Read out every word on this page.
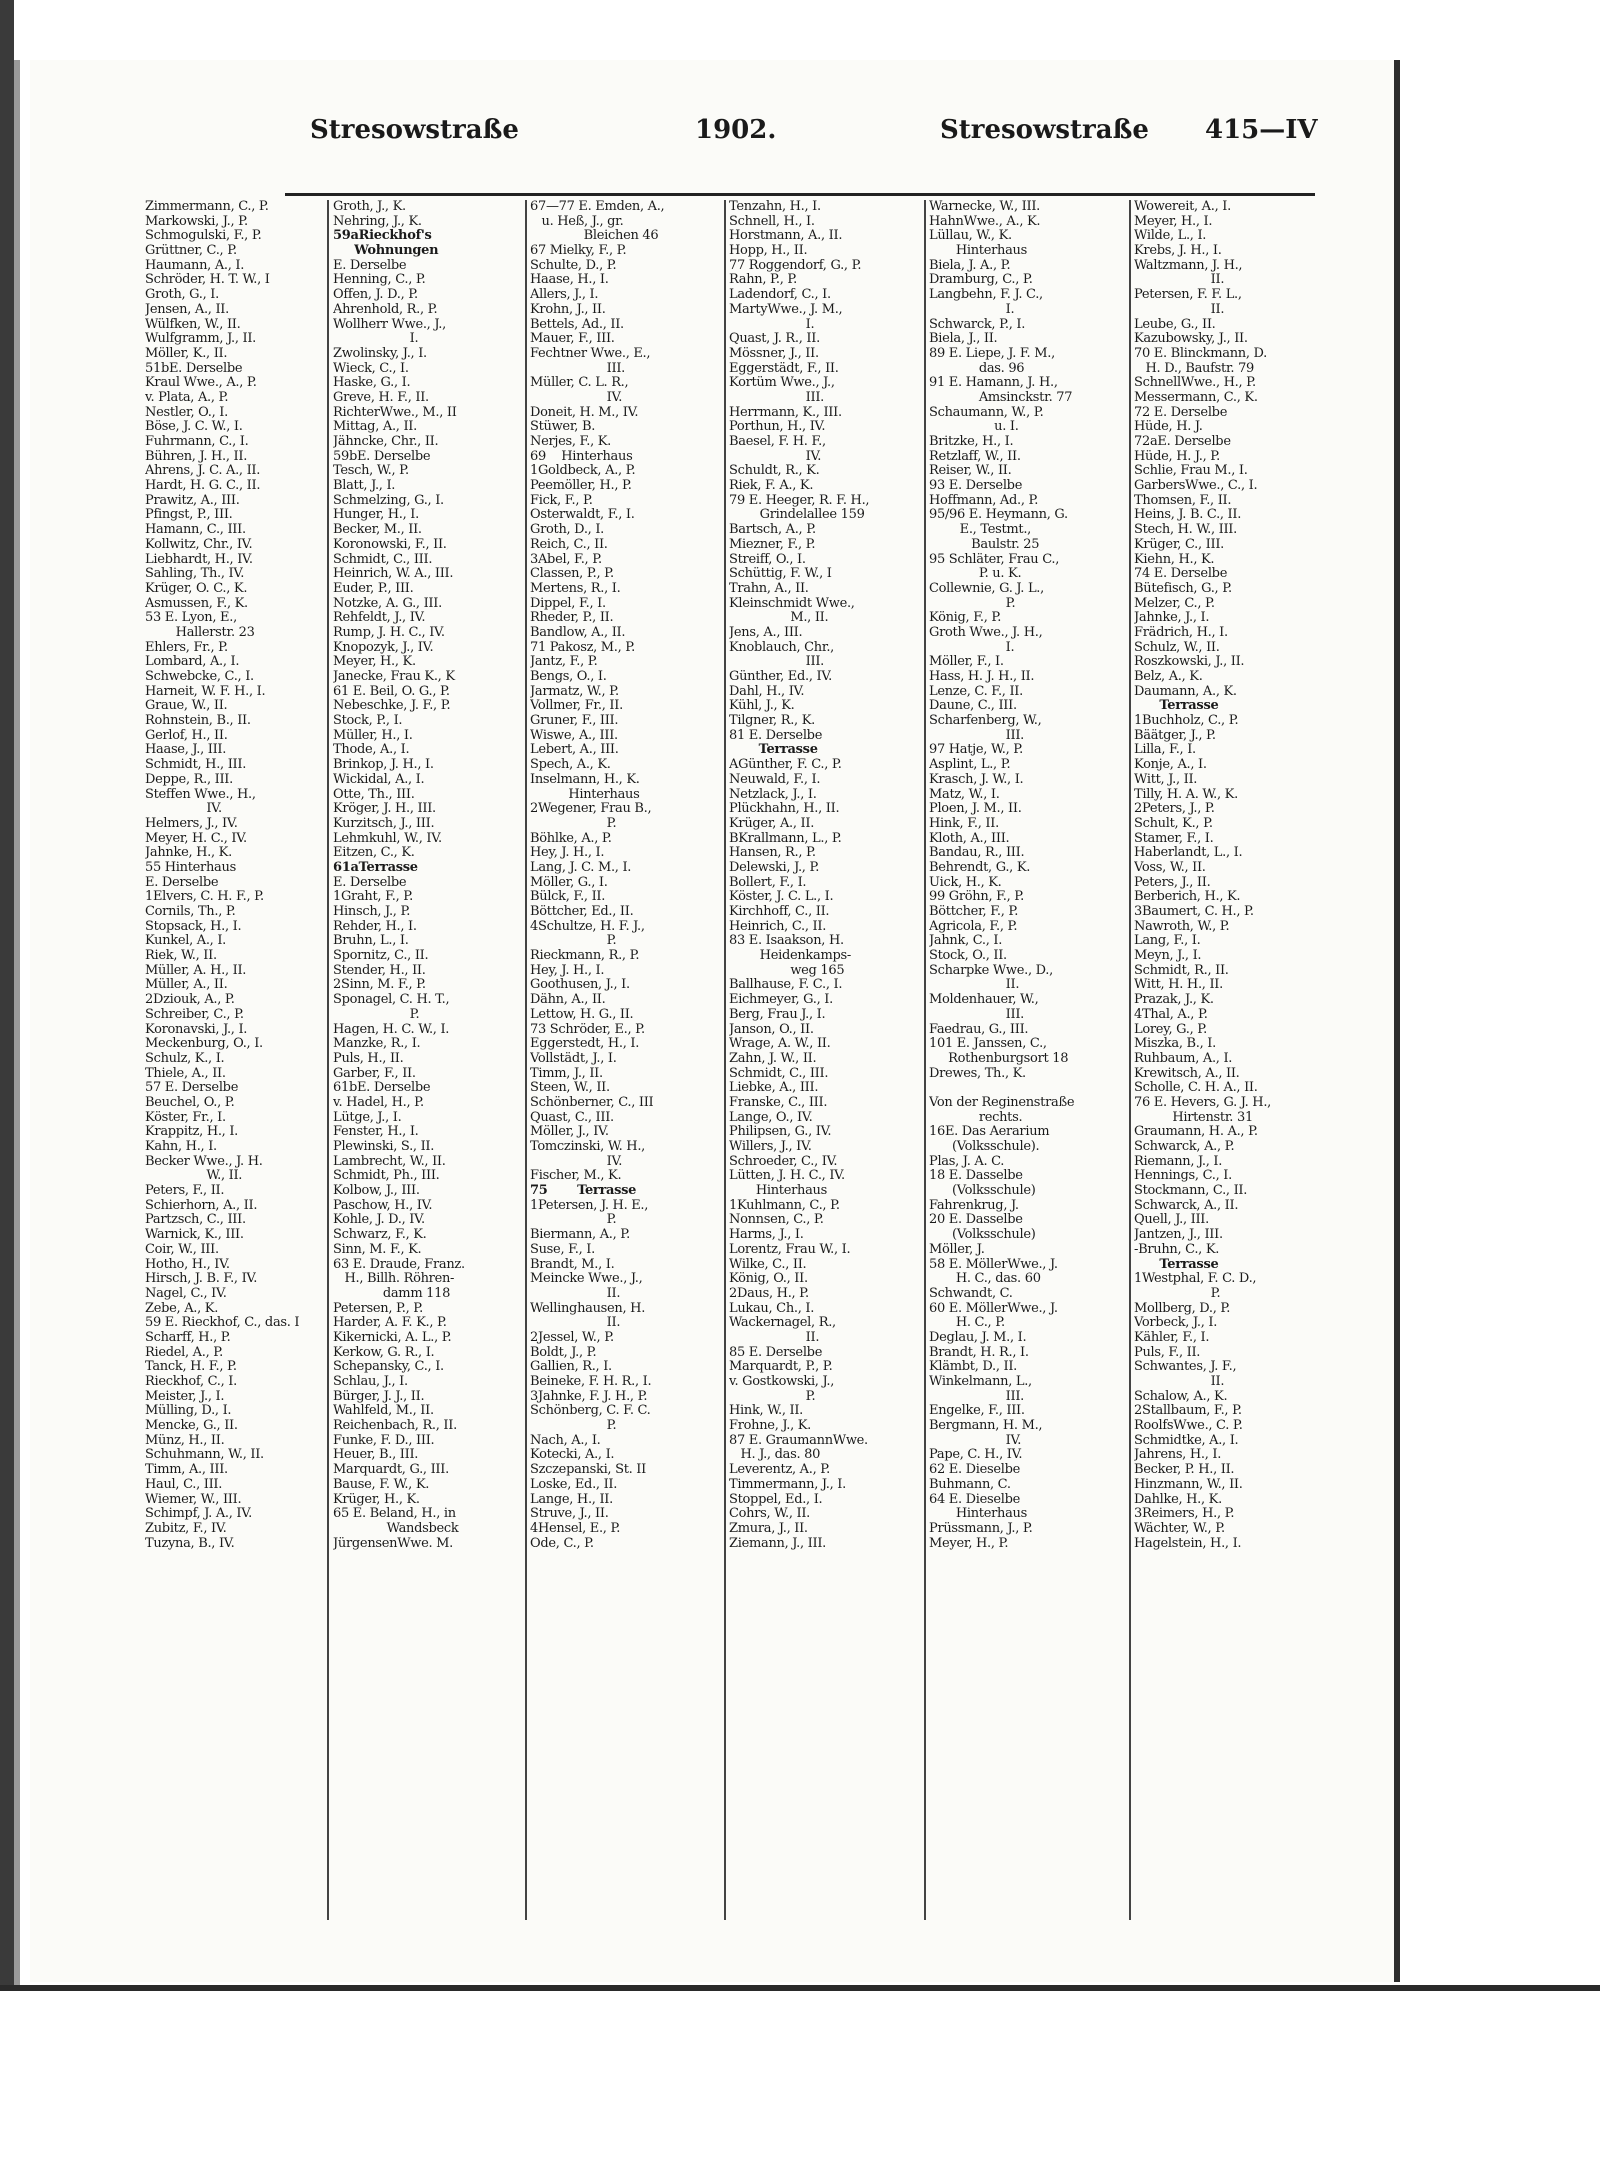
Stresowstraße	1902.	Stresowstraße 415—IV
Zimmermann, C., P.
Markowski, J., P.
Schmogulski, F., P.
Grüttner, C., P.
Haumann, A., I.
Schröder, H. T. W., I
Groth, G., I.
Jensen, A., II.
Wülfken, W., II.
Wulfgramm, J., II.
Möller, K., II.
51bE. Derselbe
Kraul Wwe., A., P.
v. Plata, A., P.
Nestler, O., I.
Böse, J. C. W., I.
Fuhrmann, C., I.
Bühren, J. H., II.
Ahrens, J. C. A., II.
Hardt, H. G. C., II.
Prawitz, A., III.
Pfingst, P., III.
Hamann, C., III.
Kollwitz, Chr., IV.
Liebhardt, H., IV.
Sahling, Th., IV.
Krüger, O. C., K.
Asmussen, F., K.
53 E. Lyon, E.,
Hallerstr. 23
Ehlers, Fr., P.
Lombard, A., I.
Schwebcke, C., I.
Harneit, W. F. H., I.
Graue, W., II.
Rohnstein, B., II.
Gerlof, H., II.
Haase, J., III.
Schmidt, H., III.
Deppe, R., III.
Steffen Wwe., H.,
IV.
Helmers, J., IV.
Meyer, H. C., IV.
Jahnke, H., K.
55 Hinterhaus
E. Derselbe
1Elvers, C. H. F., P.
Cornils, Th., P.
Stopsack, H., I.
Kunkel, A., I.
Riek, W., II.
Müller, A. H., II.
Müller, A., II.
2Dziouk, A., P.
Schreiber, C., P.
Koronavski, J., I.
Meckenburg, O., I.
Schulz, K., I.
Thiele, A., II.
57 E. Derselbe
Beuchel, O., P.
Köster, Fr., I.
Krappitz, H., I.
Kahn, H., I.
Becker Wwe., J. H.
W., II.
Peters, F., II.
Schierhorn, A., II.
Partzsch, C., III.
Warnick, K., III.
Coir, W., III.
Hotho, H., IV.
Hirsch, J. B. F., IV.
Nagel, C., IV.
Zebe, A., K.
59 E. Rieckhof, C., das. I
Scharff, H., P.
Riedel, A., P.
Tanck, H. F., P.
Rieckhof, C., I.
Meister, J., I.
Mülling, D., I.
Mencke, G., II.
Münz, H., II.
Schuhmann, W., II.
Timm, A., III.
Haul, C., III.
Wiemer, W., III.
Schimpf, J. A., IV.
Zubitz, F., IV.
Tuzyna, B., IV.
Groth, J., K.
Nehring, J., K.
59aRieckhof's
Wohnungen
E. Derselbe
Henning, C., P.
Offen, J. D., P.
Ahrenhold, R., P.
Wollherr Wwe., J.,
I.
Zwolinsky, J., I.
Wieck, C., I.
Haske, G., I.
Greve, H. F., II.
RichterWwe., M., II
Mittag, A., II.
Jähncke, Chr., II.
59bE. Derselbe
Tesch, W., P.
Blatt, J., I.
Schmelzing, G., I.
Hunger, H., I.
Becker, M., II.
Koronowski, F., II.
Schmidt, C., III.
Heinrich, W. A., III.
Euder, P., III.
Notzke, A. G., III.
Rehfeldt, J., IV.
Rump, J. H. C., IV.
Knopozyk, J., IV.
Meyer, H., K.
Janecke, Frau K., K
61 E. Beil, O. G., P.
Nebeschke, J. F., P.
Stock, P., I.
Müller, H., I.
Thode, A., I.
Brinkop, J. H., I.
Wickidal, A., I.
Otte, Th., III.
Kröger, J. H., III.
Kurzitsch, J., III.
Lehmkuhl, W., IV.
Eitzen, C., K.
61aTerrasse
E. Derselbe
1Graht, F., P.
Hinsch, J., P.
Rehder, H., I.
Bruhn, L., I.
Spornitz, C., II.
Stender, H., II.
2Sinn, M. F., P.
Sponagel, C. H. T.,
P.
Hagen, H. C. W., I.
Manzke, R., I.
Puls, H., II.
Garber, F., II.
61bE. Derselbe
v. Hadel, H., P.
Lütge, J., I.
Fenster, H., I.
Plewinski, S., II.
Lambrecht, W., II.
Schmidt, Ph., III.
Kolbow, J., III.
Paschow, H., IV.
Kohle, J. D., IV.
Schwarz, F., K.
Sinn, M. F., K.
63 E. Draude, Franz.
H., Billh. Röhren-
damm 118
Petersen, P., P.
Harder, A. F. K., P.
Kikernicki, A. L., P.
Kerkow, G. R., I.
Schepansky, C., I.
Schlau, J., I.
Bürger, J. J., II.
Wahlfeld, M., II.
Reichenbach, R., II.
Funke, F. D., III.
Heuer, B., III.
Marquardt, G., III.
Bause, F. W., K.
Krüger, H., K.
65 E. Beland, H., in
Wandsbeck
JürgensenWwe. M.
67—77 E. Emden, A.,
u. Heß, J., gr.
Bleichen 46
67 Mielky, F., P.
Schulte, D., P.
Haase, H., I.
Allers, J., I.
Krohn, J., II.
Bettels, Ad., II.
Mauer, F., III.
Fechtner Wwe., E.,
III.
Müller, C. L. R.,
IV.
Doneit, H. M., IV.
Stüwer, B.
Nerjes, F., K.
69    Hinterhaus
1Goldbeck, A., P.
Peemöller, H., P.
Fick, F., P.
Osterwaldt, F., I.
Groth, D., I.
Reich, C., II.
3Abel, F., P.
Classen, P., P.
Mertens, R., I.
Dippel, F., I.
Rheder, P., II.
Bandlow, A., II.
71 Pakosz, M., P.
Jantz, F., P.
Bengs, O., I.
Jarmatz, W., P.
Vollmer, Fr., II.
Gruner, F., III.
Wiswe, A., III.
Lebert, A., III.
Spech, A., K.
Inselmann, H., K.
Hinterhaus
2Wegener, Frau B.,
P.
Böhlke, A., P.
Hey, J. H., I.
Lang, J. C. M., I.
Möller, G., I.
Bülck, F., II.
Böttcher, Ed., II.
4Schultze, H. F. J.,
P.
Rieckmann, R., P.
Hey, J. H., I.
Goothusen, J., I.
Dähn, A., II.
Lettow, H. G., II.
73 Schröder, E., P.
Eggerstedt, H., I.
Vollstädt, J., I.
Timm, J., II.
Steen, W., II.
Schönberner, C., III
Quast, C., III.
Möller, J., IV.
Tomczinski, W. H.,
IV.
Fischer, M., K.
75       Terrasse
1Petersen, J. H. E.,
P.
Biermann, A., P.
Suse, F., I.
Brandt, M., I.
Meincke Wwe., J.,
II.
Wellinghausen, H.
II.
2Jessel, W., P.
Boldt, J., P.
Gallien, R., I.
Beineke, F. H. R., I.
3Jahnke, F. J. H., P.
Schönberg, C. F. C.
P.
Nach, A., I.
Kotecki, A., I.
Szczepanski, St. II
Loske, Ed., II.
Lange, H., II.
Struve, J., II.
4Hensel, E., P.
Ode, C., P.
Tenzahn, H., I.
Schnell, H., I.
Horstmann, A., II.
Hopp, H., II.
77 Roggendorf, G., P.
Rahn, P., P.
Ladendorf, C., I.
MartyWwe., J. M.,
I.
Quast, J. R., II.
Mössner, J., II.
Eggerstädt, F., II.
Kortüm Wwe., J.,
III.
Herrmann, K., III.
Porthun, H., IV.
Baesel, F. H. F.,
IV.
Schuldt, R., K.
Riek, F. A., K.
79 E. Heeger, R. F. H.,
Grindelallee 159
Bartsch, A., P.
Miezner, F., P.
Streiff, O., I.
Schüttig, F. W., I
Trahn, A., II.
Kleinschmidt Wwe.,
M., II.
Jens, A., III.
Knoblauch, Chr.,
III.
Günther, Ed., IV.
Dahl, H., IV.
Kühl, J., K.
Tilgner, R., K.
81 E. Derselbe
Terrasse
AGünther, F. C., P.
Neuwald, F., I.
Netzlack, J., I.
Plückhahn, H., II.
Krüger, A., II.
BKrallmann, L., P.
Hansen, R., P.
Delewski, J., P.
Bollert, F., I.
Köster, J. C. L., I.
Kirchhoff, C., II.
Heinrich, C., II.
83 E. Isaakson, H.
Heidenkamps-
weg 165
Ballhause, F. C., I.
Eichmeyer, G., I.
Berg, Frau J., I.
Janson, O., II.
Wrage, A. W., II.
Zahn, J. W., II.
Schmidt, C., III.
Liebke, A., III.
Franske, C., III.
Lange, O., IV.
Philipsen, G., IV.
Willers, J., IV.
Schroeder, C., IV.
Lütten, J. H. C., IV.
Hinterhaus
1Kuhlmann, C., P.
Nonnsen, C., P.
Harms, J., I.
Lorentz, Frau W., I.
Wilke, C., II.
König, O., II.
2Daus, H., P.
Lukau, Ch., I.
Wackernagel, R.,
II.
85 E. Derselbe
Marquardt, P., P.
v. Gostkowski, J.,
P.
Hink, W., II.
Frohne, J., K.
87 E. GraumannWwe.
H. J., das. 80
Leverentz, A., P.
Timmermann, J., I.
Stoppel, Ed., I.
Cohrs, W., II.
Zmura, J., II.
Ziemann, J., III.
Warnecke, W., III.
HahnWwe., A., K.
Lüllau, W., K.
Hinterhaus
Biela, J. A., P.
Dramburg, C., P.
Langbehn, F. J. C.,
I.
Schwarck, P., I.
Biela, J., II.
89 E. Liepe, J. F. M.,
das. 96
91 E. Hamann, J. H.,
Amsinckstr. 77
Schaumann, W., P.
u. I.
Britzke, H., I.
Retzlaff, W., II.
Reiser, W., II.
93 E. Derselbe
Hoffmann, Ad., P.
95/96 E. Heymann, G.
E., Testmt.,
Baulstr. 25
95 Schläter, Frau C.,
P. u. K.
Collewnie, G. J. L.,
P.
König, F., P.
Groth Wwe., J. H.,
I.
Möller, F., I.
Hass, H. J. H., II.
Lenze, C. F., II.
Daune, C., III.
Scharfenberg, W.,
III.
97 Hatje, W., P.
Asplint, L., P.
Krasch, J. W., I.
Matz, W., I.
Ploen, J. M., II.
Hink, F., II.
Kloth, A., III.
Bandau, R., III.
Behrendt, G., K.
Uick, H., K.
99 Gröhn, F., P.
Böttcher, F., P.
Agricola, F., P.
Jahnk, C., I.
Stock, O., II.
Scharpke Wwe., D.,
II.
Moldenhauer, W.,
III.
Faedrau, G., III.
101 E. Janssen, C.,
Rothenburgsort 18
Drewes, Th., K.
Von der Reginenstraße
rechts.
16E. Das Aerarium
(Volksschule).
Plas, J. A. C.
18 E. Dasselbe
(Volksschule)
Fahrenkrug, J.
20 E. Dasselbe
(Volksschule)
Möller, J.
58 E. MöllerWwe., J.
H. C., das. 60
Schwandt, C.
60 E. MöllerWwe., J.
H. C., P.
Deglau, J. M., I.
Brandt, H. R., I.
Klämbt, D., II.
Winkelmann, L.,
III.
Engelke, F., III.
Bergmann, H. M.,
IV.
Pape, C. H., IV.
62 E. Dieselbe
Buhmann, C.
64 E. Dieselbe
Hinterhaus
Prüssmann, J., P.
Meyer, H., P.
Wowereit, A., I.
Meyer, H., I.
Wilde, L., I.
Krebs, J. H., I.
Waltzmann, J. H.,
II.
Petersen, F. F. L.,
II.
Leube, G., II.
Kazubowsky, J., II.
70 E. Blinckmann, D.
H. D., Baufstr. 79
SchnellWwe., H., P.
Messermann, C., K.
72 E. Derselbe
Hüde, H. J.
72aE. Derselbe
Hüde, H. J., P.
Schlie, Frau M., I.
GarbersWwe., C., I.
Thomsen, F., II.
Heins, J. B. C., II.
Stech, H. W., III.
Krüger, C., III.
Kiehn, H., K.
74 E. Derselbe
Bütefisch, G., P.
Melzer, C., P.
Jahnke, J., I.
Frädrich, H., I.
Schulz, W., II.
Roszkowski, J., II.
Belz, A., K.
Daumann, A., K.
Terrasse
1Buchholz, C., P.
Bäätger, J., P.
Lilla, F., I.
Konje, A., I.
Witt, J., II.
Tilly, H. A. W., K.
2Peters, J., P.
Schult, K., P.
Stamer, F., I.
Haberlandt, L., I.
Voss, W., II.
Peters, J., II.
Berberich, H., K.
3Baumert, C. H., P.
Nawroth, W., P.
Lang, F., I.
Meyn, J., I.
Schmidt, R., II.
Witt, H. H., II.
Prazak, J., K.
4Thal, A., P.
Lorey, G., P.
Miszka, B., I.
Ruhbaum, A., I.
Krewitsch, A., II.
Scholle, C. H. A., II.
76 E. Hevers, G. J. H.,
Hirtenstr. 31
Graumann, H. A., P.
Schwarck, A., P.
Riemann, J., I.
Hennings, C., I.
Stockmann, C., II.
Schwarck, A., II.
Quell, J., III.
Jantzen, J., III.
-Bruhn, C., K.
Terrasse
1Westphal, F. C. D.,
P.
Mollberg, D., P.
Vorbeck, J., I.
Kähler, F., I.
Puls, F., II.
Schwantes, J. F.,
II.
Schalow, A., K.
2Stallbaum, F., P.
RoolfsWwe., C. P.
Schmidtke, A., I.
Jahrens, H., I.
Becker, P. H., II.
Hinzmann, W., II.
Dahlke, H., K.
3Reimers, H., P.
Wächter, W., P.
Hagelstein, H., I.
